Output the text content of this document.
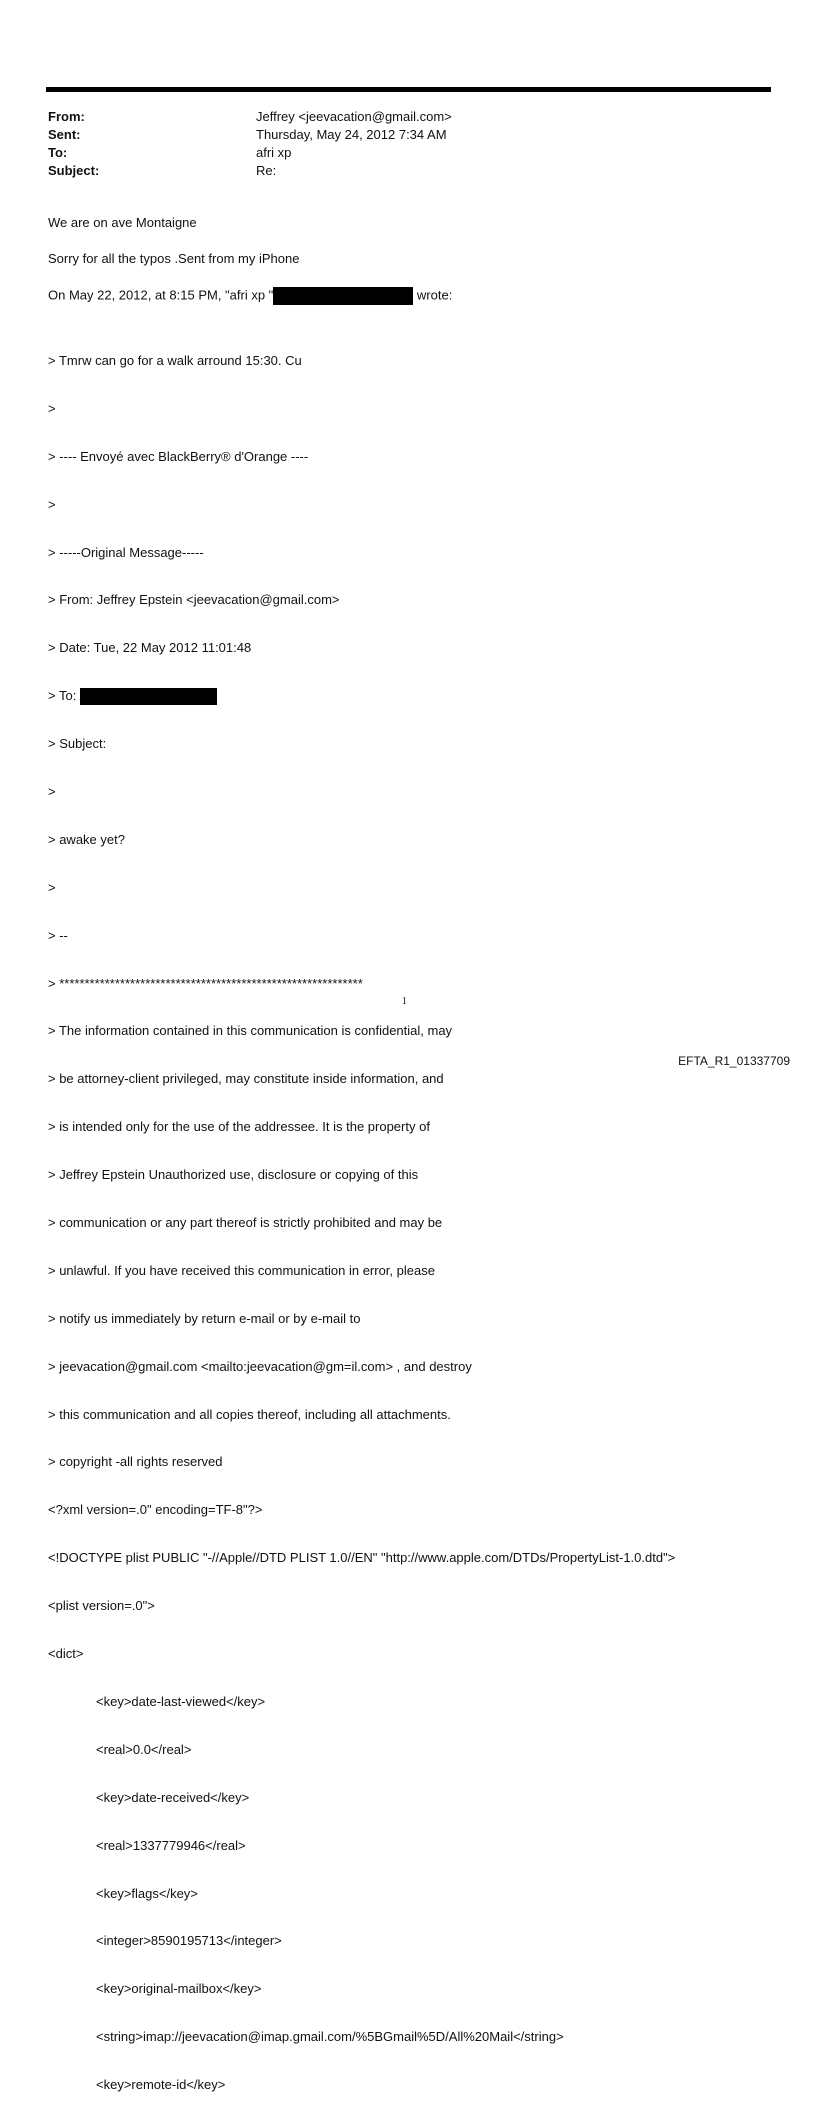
From:	Jeffrey <jeevacation@gmail.com>
Sent:	Thursday, May 24, 2012 7:34 AM
To:	afri xp
Subject:	Re:
We are on ave Montaigne
Sorry for all the typos .Sent from my iPhone
On May 22, 2012, at 8:15 PM, "afri xp "	wrote:

> Tmrw can go for a walk arround 15:30. Cu

>

> ---- Envoyé avec BlackBerry® d'Orange ----

>

> -----Original Message-----

> From: Jeffrey Epstein <jeevacation@gmail.com>

> Date: Tue, 22 May 2012 11:01:48

> To:

> Subject:

>

> awake yet?

>

> --

> ************************************************************

> The information contained in this communication is confidential, may

> be attorney-client privileged, may constitute inside information, and

> is intended only for the use of the addressee. It is the property of

> Jeffrey Epstein Unauthorized use, disclosure or copying of this

> communication or any part thereof is strictly prohibited and may be

> unlawful. If you have received this communication in error, please

> notify us immediately by return e-mail or by e-mail to

> jeevacation@gmail.com <mailto:jeevacation@gm=il.com> , and destroy

> this communication and all copies thereof, including all attachments.

> copyright -all rights reserved

<?xml version=.0" encoding=TF-8"?>

<!DOCTYPE plist PUBLIC "-//Apple//DTD PLIST 1.0//EN" "http://www.apple.com/DTDs/PropertyList-1.0.dtd">

<plist version=.0">

<dict>

<key>date-last-viewed</key>

<real>0.0</real>

<key>date-received</key>

<real>1337779946</real>

<key>flags</key>

<integer>8590195713</integer>

<key>original-mailbox</key>

<string>imap://jeevacation@imap.gmail.com/%5BGmail%5D/All%20Mail</string>

<key>remote-id</key>

1
EFTA_R1_01337709
